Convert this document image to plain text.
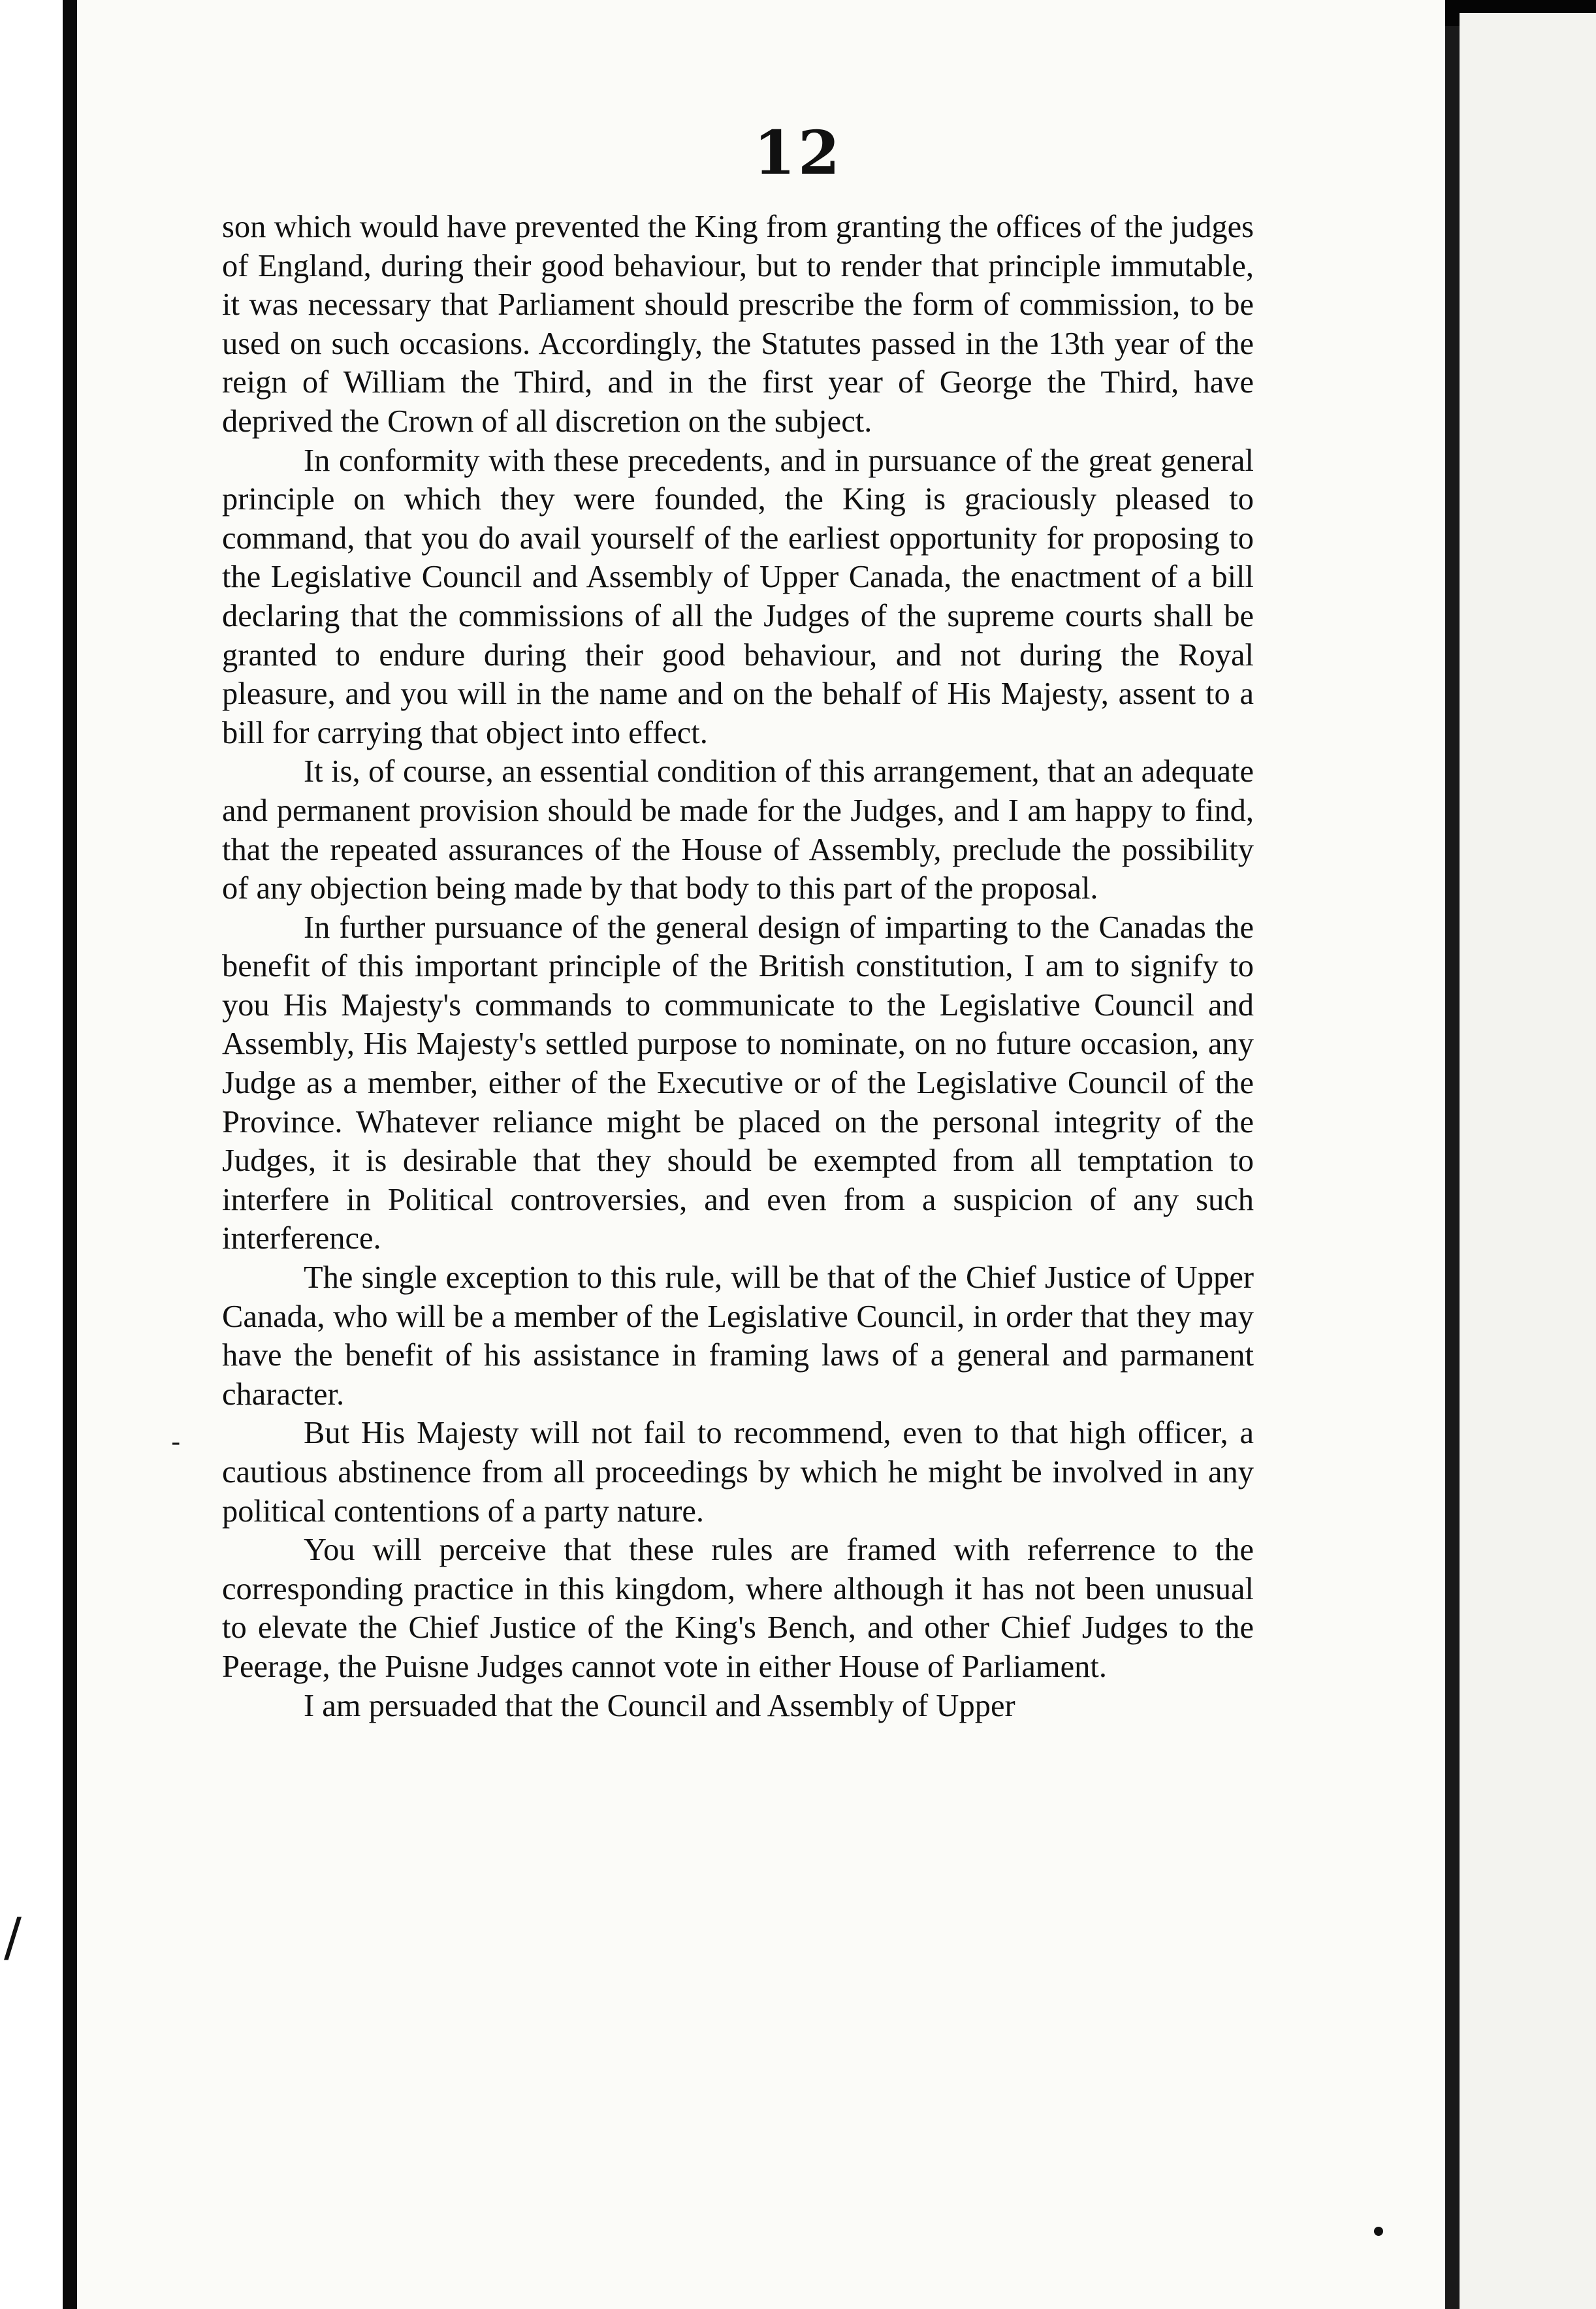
12

son which would have prevented the King from granting the offices of the judges of England, during their good behaviour, but to render that principle immutable, it was necessary that Parliament should prescribe the form of commission, to be used on such occasions. Accordingly, the Statutes passed in the 13th year of the reign of William the Third, and in the first year of George the Third, have deprived the Crown of all discretion on the subject.

In conformity with these precedents, and in pursuance of the great general principle on which they were founded, the King is graciously pleased to command, that you do avail yourself of the earliest opportunity for proposing to the Legislative Council and Assembly of Upper Canada, the enactment of a bill declaring that the commissions of all the Judges of the supreme courts shall be granted to endure during their good behaviour, and not during the Royal pleasure, and you will in the name and on the behalf of His Majesty, assent to a bill for carrying that object into effect.

It is, of course, an essential condition of this arrangement, that an adequate and permanent provision should be made for the Judges, and I am happy to find, that the repeated assurances of the House of Assembly, preclude the possibility of any objection being made by that body to this part of the proposal.

In further pursuance of the general design of imparting to the Canadas the benefit of this important principle of the British constitution, I am to signify to you His Majesty's commands to communicate to the Legislative Council and Assembly, His Majesty's settled purpose to nominate, on no future occasion, any Judge as a member, either of the Executive or of the Legislative Council of the Province. Whatever reliance might be placed on the personal integrity of the Judges, it is desirable that they should be exempted from all temptation to interfere in Political controversies, and even from a suspicion of any such interference.

The single exception to this rule, will be that of the Chief Justice of Upper Canada, who will be a member of the Legislative Council, in order that they may have the benefit of his assistance in framing laws of a general and parmanent character.

But His Majesty will not fail to recommend, even to that high officer, a cautious abstinence from all proceedings by which he might be involved in any political contentions of a party nature.

You will perceive that these rules are framed with referrence to the corresponding practice in this kingdom, where although it has not been unusual to elevate the Chief Justice of the King's Bench, and other Chief Judges to the Peerage, the Puisne Judges cannot vote in either House of Parliament.

I am persuaded that the Council and Assembly of Upper

-
/
